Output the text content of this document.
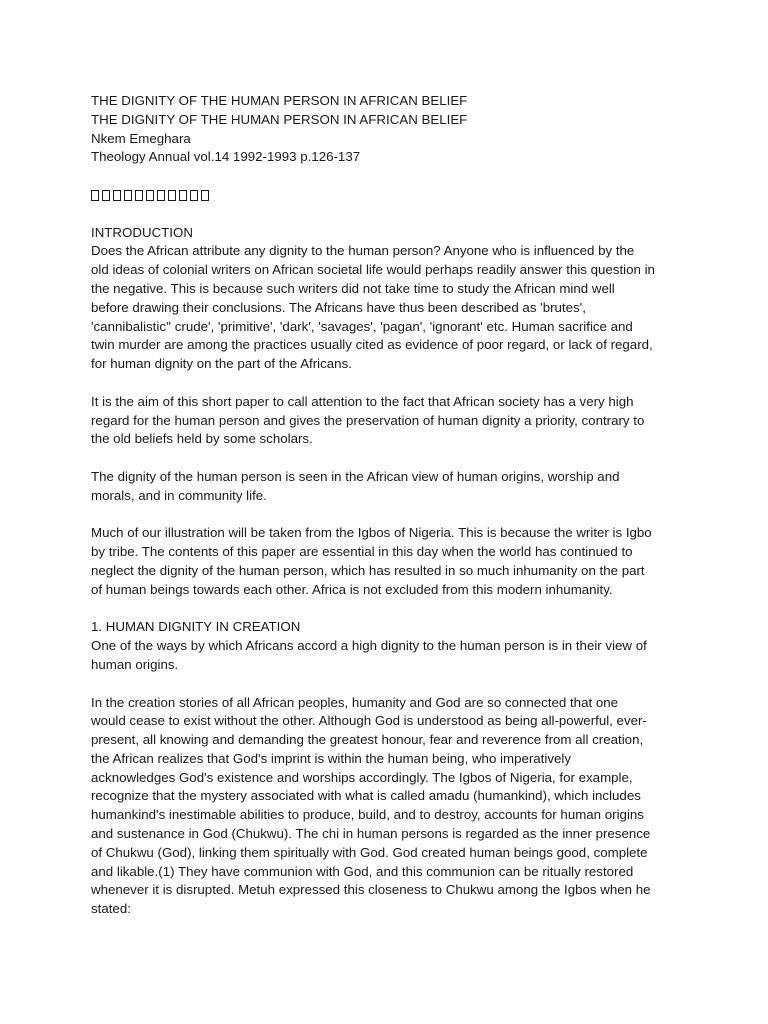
THE DIGNITY OF THE HUMAN PERSON IN AFRICAN BELIEF
THE DIGNITY OF THE HUMAN PERSON IN AFRICAN BELIEF
Nkem Emeghara
Theology Annual vol.14 1992-1993 p.126-137
INTRODUCTION
Does the African attribute any dignity to the human person? Anyone who is influenced by the
old ideas of colonial writers on African societal life would perhaps readily answer this question in
the negative. This is because such writers did not take time to study the African mind well
before drawing their conclusions. The Africans have thus been described as 'brutes',
'cannibalistic'' crude', 'primitive', 'dark', 'savages', 'pagan', 'ignorant' etc. Human sacrifice and
twin murder are among the practices usually cited as evidence of poor regard, or lack of regard,
for human dignity on the part of the Africans.
It is the aim of this short paper to call attention to the fact that African society has a very high
regard for the human person and gives the preservation of human dignity a priority, contrary to
the old beliefs held by some scholars.
The dignity of the human person is seen in the African view of human origins, worship and
morals, and in community life.
Much of our illustration will be taken from the Igbos of Nigeria. This is because the writer is Igbo
by tribe. The contents of this paper are essential in this day when the world has continued to
neglect the dignity of the human person, which has resulted in so much inhumanity on the part
of human beings towards each other. Africa is not excluded from this modern inhumanity.
1. HUMAN DIGNITY IN CREATION
One of the ways by which Africans accord a high dignity to the human person is in their view of
human origins.
In the creation stories of all African peoples, humanity and God are so connected that one
would cease to exist without the other. Although God is understood as being all-powerful, ever-
present, all knowing and demanding the greatest honour, fear and reverence from all creation,
the African realizes that God's imprint is within the human being, who imperatively
acknowledges God's existence and worships accordingly. The Igbos of Nigeria, for example,
recognize that the mystery associated with what is called amadu (humankind), which includes
humankind's inestimable abilities to produce, build, and to destroy, accounts for human origins
and sustenance in God (Chukwu). The chi in human persons is regarded as the inner presence
of Chukwu (God), linking them spiritually with God. God created human beings good, complete
and likable.(1) They have communion with God, and this communion can be ritually restored
whenever it is disrupted. Metuh expressed this closeness to Chukwu among the Igbos when he
stated:
